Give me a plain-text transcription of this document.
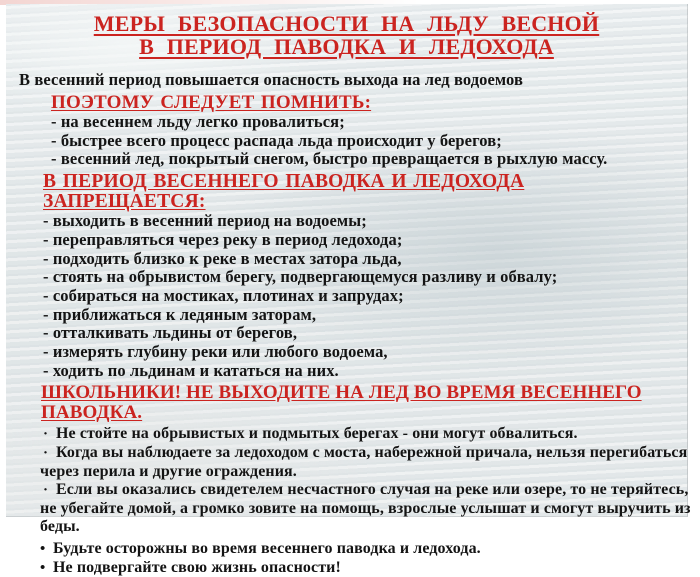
МЕРЫ БЕЗОПАСНОСТИ НА ЛЬДУ ВЕСНОЙ
В ПЕРИОД ПАВОДКА И ЛЕДОХОДА

В весенний период повышается опасность выхода на лед водоемов

ПОЭТОМУ СЛЕДУЕТ ПОМНИТЬ:

- на весеннем льду легко провалиться;

- быстрее всего процесс распада льда происходит у берегов;

- весенний лед, покрытый снегом, быстро превращается в рыхлую массу.

В ПЕРИОД ВЕСЕННЕГО ПАВОДКА И ЛЕДОХОДА ЗАПРЕЩАЕТСЯ:

- выходить в весенний период на водоемы;

- переправляться через реку в период ледохода;

- подходить близко к реке в местах затора льда,

- стоять на обрывистом берегу, подвергающемуся разливу и обвалу;

- собираться на мостиках, плотинах и запрудах;

- приближаться к ледяным заторам,

- отталкивать льдины от берегов,

- измерять глубину реки или любого водоема,

- ходить по льдинам и кататься на них.

ШКОЛЬНИКИ! НЕ ВЫХОДИТЕ НА ЛЕД ВО ВРЕМЯ ВЕСЕННЕГО ПАВОДКА.

· Не стойте на обрывистых и подмытых берегах - они могут обвалиться.

· Когда вы наблюдаете за ледоходом с моста, набережной причала, нельзя перегибаться через перила и другие ограждения.

· Если вы оказались свидетелем несчастного случая на реке или озере, то не теряйтесь, не убегайте домой, а громко зовите на помощь, взрослые услышат и смогут выручить из беды.

• Будьте осторожны во время весеннего паводка и ледохода.

• Не подвергайте свою жизнь опасности!
